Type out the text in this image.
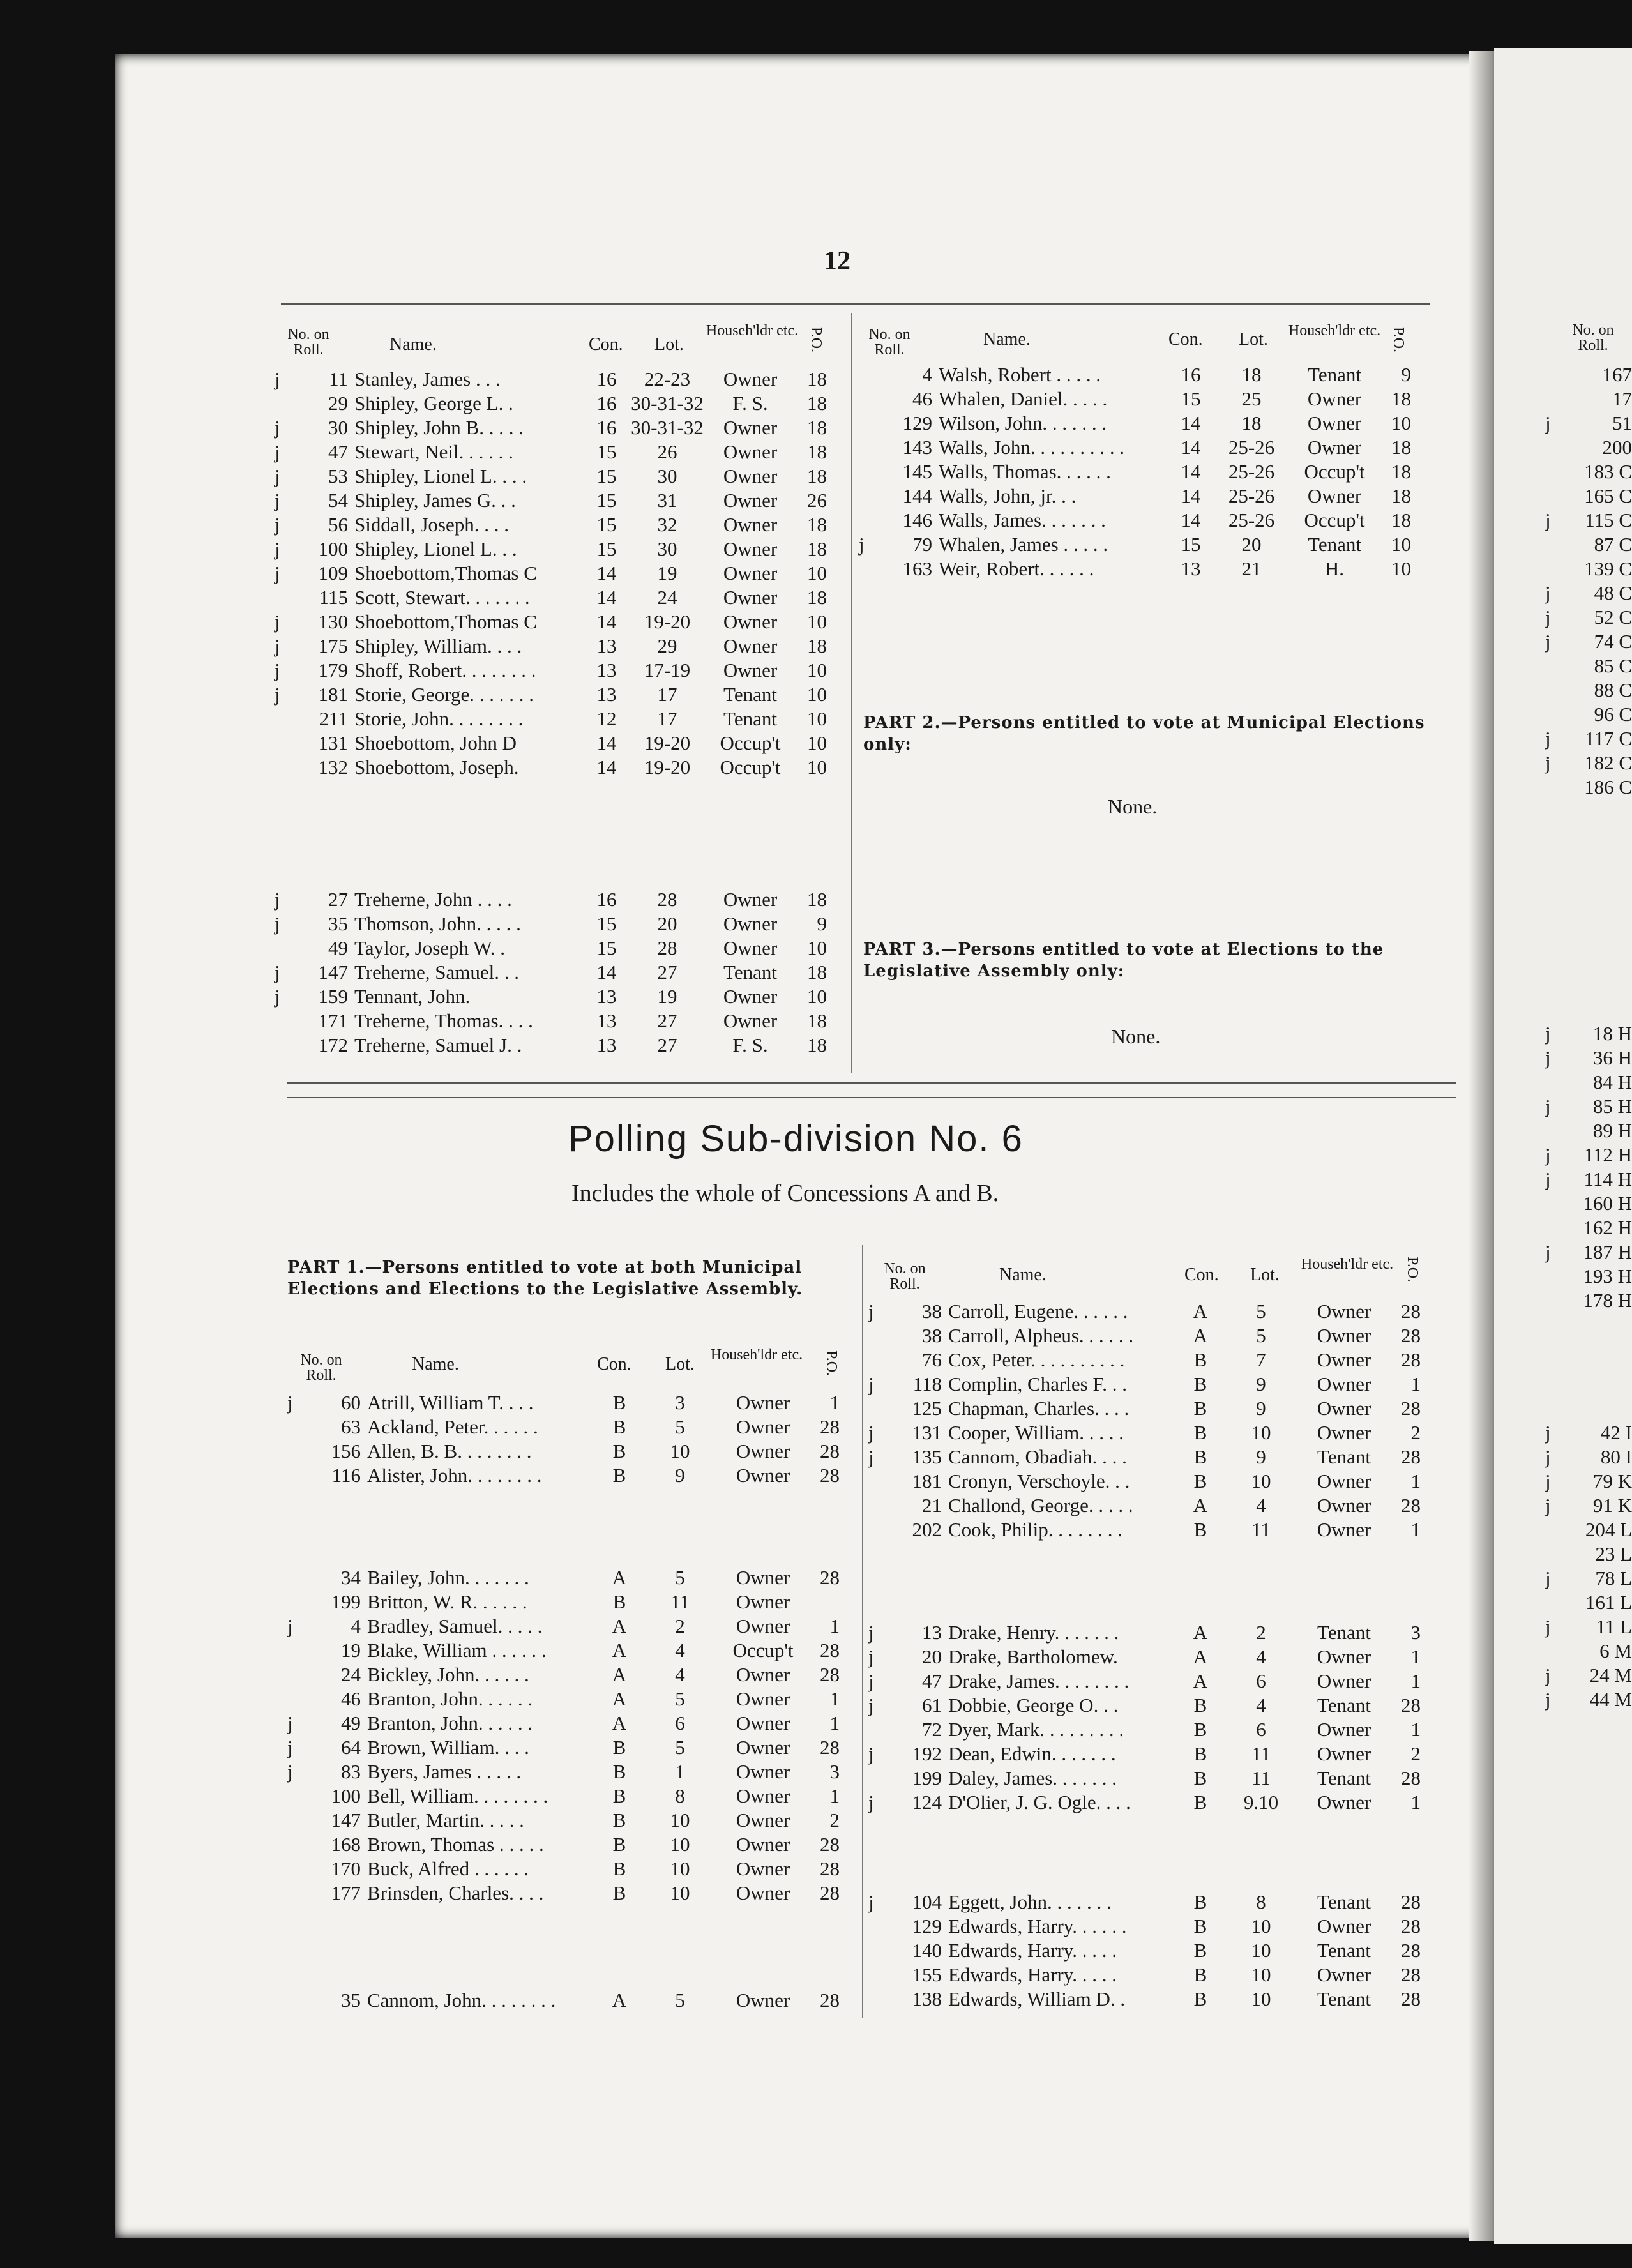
12
No. on Roll.	Name.	Con. Lot.
Househ'ldr etc. P.O.
j	11	Stanley, James . . .	16	22-23	Owner	18
	29	Shipley, George L. .	16	30-31-32	F. S.	18
j	30	Shipley, John B. . . . .	16	30-31-32	Owner	18
j	47	Stewart, Neil. . . . . .	15	26	Owner	18
j	53	Shipley, Lionel L. . . .	15	30	Owner	18
j	54	Shipley, James G. . .	15	31	Owner	26
j	56	Siddall, Joseph. . . .	15	32	Owner	18
j	100	Shipley, Lionel L. . .	15	30	Owner	18
j	109	Shoebottom,Thomas C	14	19	Owner	10
	115	Scott, Stewart. . . . . . .	14	24	Owner	18
j	130	Shoebottom,Thomas C	14	19-20	Owner	10
j	175	Shipley, William. . . .	13	29	Owner	18
j	179	Shoff, Robert. . . . . . . .	13	17-19	Owner	10
j	181	Storie, George. . . . . . .	13	17	Tenant	10
	211	Storie, John. . . . . . . .	12	17	Tenant	10
	131	Shoebottom, John D	14	19-20	Occup't	10
	132	Shoebottom, Joseph.	14	19-20	Occup't	10
j	27	Treherne, John . . . .	16	28	Owner	18
j	35	Thomson, John. . . . .	15	20	Owner	9
	49	Taylor, Joseph W. .	15	28	Owner	10
j	147	Treherne, Samuel. . .	14	27	Tenant	18
j	159	Tennant, John.	13	19	Owner	10
	171	Treherne, Thomas. . . .	13	27	Owner	18
	172	Treherne, Samuel J. .	13	27	F. S.	18
No. on Roll.
Name.	Con. Lot.	Househ'ldr etc. P.O.
	4	Walsh, Robert . . . . .	16	18	Tenant	9
	46	Whalen, Daniel. . . . .	15	25	Owner	18
	129	Wilson, John. . . . . . .	14	18	Owner	10
	143	Walls, John. . . . . . . . . .	14	25-26	Owner	18
	145	Walls, Thomas. . . . . .	14	25-26	Occup't	18
	144	Walls, John, jr. . .	14	25-26	Owner	18
	146	Walls, James. . . . . . .	14	25-26	Occup't	18
j	79	Whalen, James . . . . .	15	20	Tenant	10
	163	Weir, Robert. . . . . .	13	21	H.	10
PART 2.—Persons entitled to vote at Municipal Elections only:
None.
PART 3.—Persons entitled to vote at Elections to the Legislative Assembly only:
None.
Polling Sub-division No. 6
Includes the whole of Concessions A and B.
PART 1.—Persons entitled to vote at both Municipal Elections and Elections to the Legislative Assembly.
No. on Roll.
Name.	Con. Lot.	Househ'ldr etc.	P.O.
j	60	Atrill, William T. . . .	B	3	Owner	1
	63	Ackland, Peter. . . . . .	B	5	Owner	28
	156	Allen, B. B. . . . . . . .	B	10	Owner	28
	116	Alister, John. . . . . . . .	B	9	Owner	28
	34	Bailey, John. . . . . . .	A	5	Owner	28
	199	Britton, W. R. . . . . .	B	11	Owner	
j	4	Bradley, Samuel. . . . .	A	2	Owner	1
	19	Blake, William . . . . . .	A	4	Occup't	28
	24	Bickley, John. . . . . .	A	4	Owner	28
	46	Branton, John. . . . . .	A	5	Owner	1
j	49	Branton, John. . . . . .	A	6	Owner	1
j	64	Brown, William. . . .	B	5	Owner	28
j	83	Byers, James . . . . .	B	1	Owner	3
	100	Bell, William. . . . . . . .	B	8	Owner	1
	147	Butler, Martin. . . . .	B	10	Owner	2
	168	Brown, Thomas . . . . .	B	10	Owner	28
	170	Buck, Alfred . . . . . .	B	10	Owner	28
	177	Brinsden, Charles. . . .	B	10	Owner	28
	35	Cannom, John. . . . . . . .	A	5	Owner	28
No. on Roll.	Name.	Con. Lot.
Househ'ldr etc. P.O.
j	38	Carroll, Eugene. . . . . .	A	5	Owner	28
	38	Carroll, Alpheus. . . . . .	A	5	Owner	28
	76	Cox, Peter. . . . . . . . . .	B	7	Owner	28
j	118	Complin, Charles F. . .	B	9	Owner	1
	125	Chapman, Charles. . . .	B	9	Owner	28
j	131	Cooper, William. . . . .	B	10	Owner	2
j	135	Cannom, Obadiah. . . .	B	9	Tenant	28
	181	Cronyn, Verschoyle. . .	B	10	Owner	1
	21	Challond, George. . . . .	A	4	Owner	28
	202	Cook, Philip. . . . . . . .	B	11	Owner	1
j	13	Drake, Henry. . . . . . .	A	2	Tenant	3
j	20	Drake, Bartholomew.	A	4	Owner	1
j	47	Drake, James. . . . . . . .	A	6	Owner	1
j	61	Dobbie, George O. . .	B	4	Tenant	28
	72	Dyer, Mark. . . . . . . . .	B	6	Owner	1
j	192	Dean, Edwin. . . . . . .	B	11	Owner	2
	199	Daley, James. . . . . . .	B	11	Tenant	28
j	124	D'Olier, J. G. Ogle. . . .	B	9.10	Owner	1
j	104	Eggett, John. . . . . . .	B	8	Tenant	28
	129	Edwards, Harry. . . . . .	B	10	Owner	28
	140	Edwards, Harry. . . . .	B	10	Tenant	28
	155	Edwards, Harry. . . . .	B	10	Owner	28
	138	Edwards, William D. .	B	10	Tenant	28
No. on Roll.
	167
	17
j	51
	200

	183 C
	165 C
j	115 C
	87 C
	139 C
j	48 C
j	52 C
j	74 C
	85 C
	88 C
	96 C
j	117 C
j	182 C
	186 C
j	18 H
j	36 H
	84 H
j	85 H
	89 H
j	112 H
j	114 H
	160 H
	162 H
j	187 H
	193 H
	178 H
j	42 I
j	80 I

j	79 K
j	91 K

	204 L
	23 L
j	78 L
	161 L
j	11 L

	6 M
j	24 M
j	44 M
